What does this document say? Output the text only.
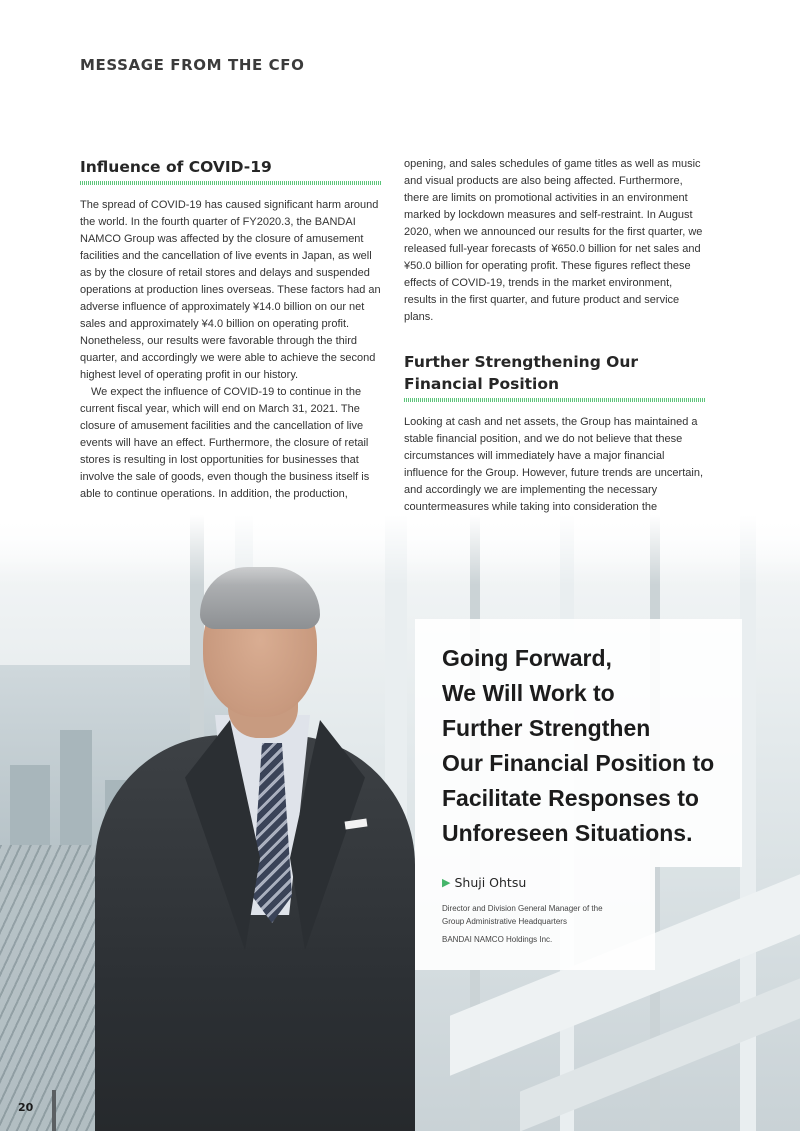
MESSAGE FROM THE CFO
Influence of COVID-19

The spread of COVID-19 has caused significant harm around the world. In the fourth quarter of FY2020.3, the BANDAI NAMCO Group was affected by the closure of amusement facilities and the cancellation of live events in Japan, as well as by the closure of retail stores and delays and suspended operations at production lines overseas. These factors had an adverse influence of approximately ¥14.0 billion on our net sales and approximately ¥4.0 billion on operating profit. Nonetheless, our results were favorable through the third quarter, and accordingly we were able to achieve the second highest level of operating profit in our history.

We expect the influence of COVID-19 to continue in the current fiscal year, which will end on March 31, 2021. The closure of amusement facilities and the cancellation of live events will have an effect. Furthermore, the closure of retail stores is resulting in lost opportunities for businesses that involve the sale of goods, even though the business itself is able to continue operations. In addition, the production,

opening, and sales schedules of game titles as well as music and visual products are also being affected. Furthermore, there are limits on promotional activities in an environment marked by lockdown measures and self-restraint. In August 2020, when we announced our results for the first quarter, we released full-year forecasts of ¥650.0 billion for net sales and ¥50.0 billion for operating profit. These figures reflect these effects of COVID-19, trends in the market environment, results in the first quarter, and future product and service plans.

Further Strengthening Our Financial Position

Looking at cash and net assets, the Group has maintained a stable financial position, and we do not believe that these circumstances will immediately have a major financial influence for the Group. However, future trends are uncertain, and accordingly we are implementing the necessary countermeasures while taking into consideration the

Going Forward,
We Will Work to
Further Strengthen
Our Financial Position to
Facilitate Responses to
Unforeseen Situations.

▶ Shuji Ohtsu
Director and Division General Manager of the
Group Administrative Headquarters
BANDAI NAMCO Holdings Inc.
20
